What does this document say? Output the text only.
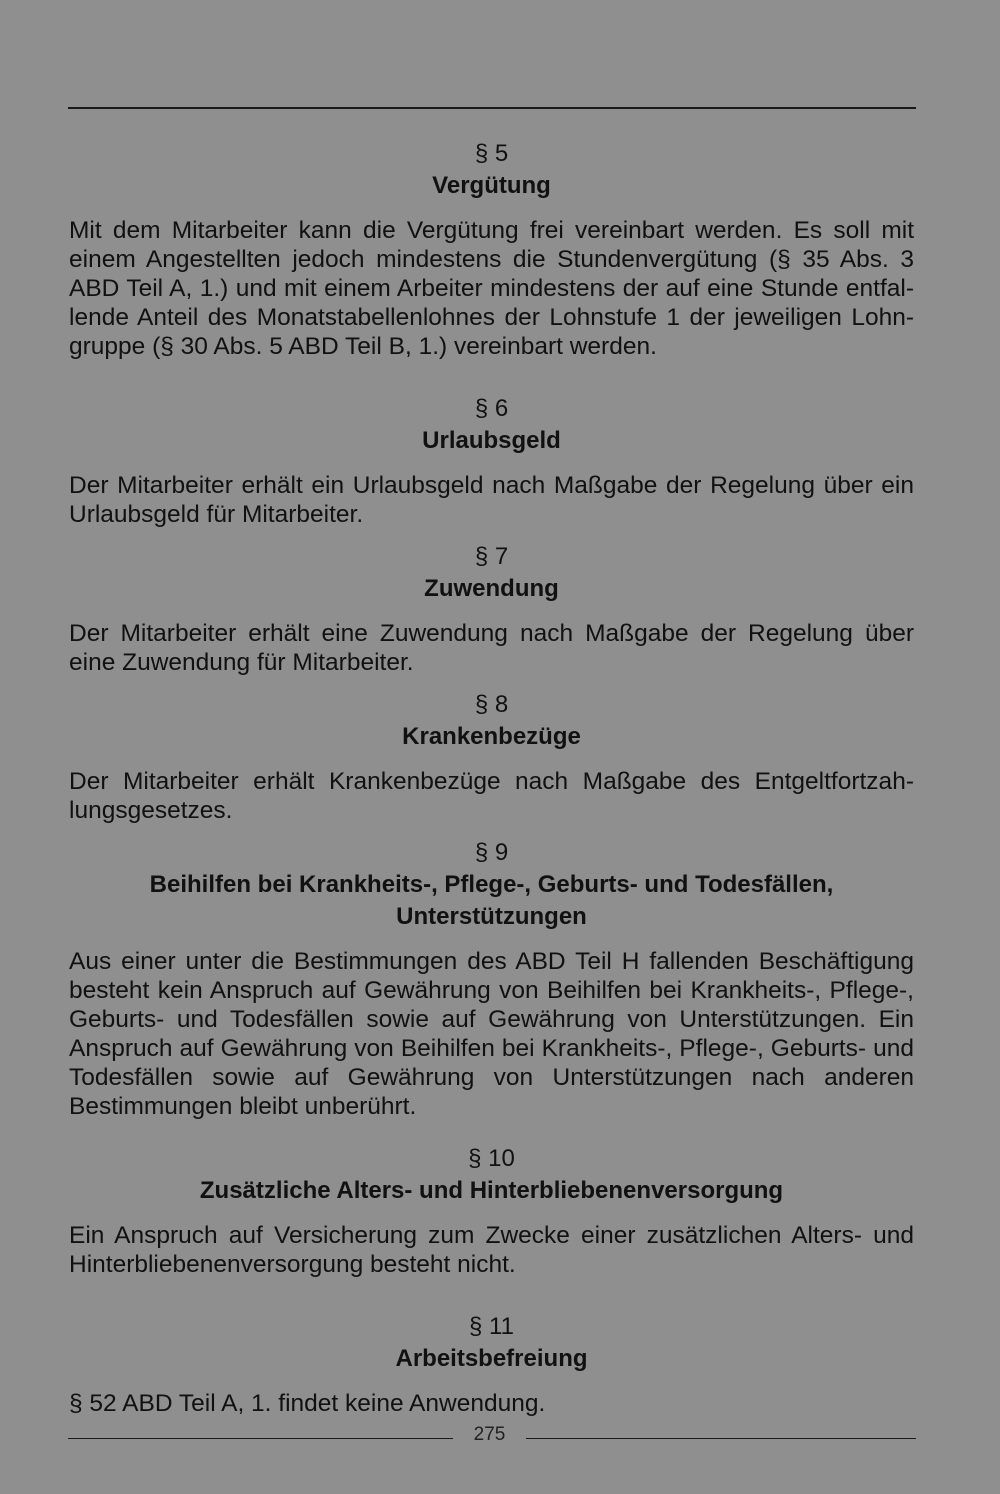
§ 5
Vergütung

Mit dem Mitarbeiter kann die Vergütung frei vereinbart werden. Es soll mit einem Angestellten jedoch mindestens die Stundenvergütung (§ 35 Abs. 3 ABD Teil A, 1.) und mit einem Arbeiter mindestens der auf eine Stunde entfallende Anteil des Monatstabellenlohnes der Lohnstufe 1 der jeweiligen Lohngruppe (§ 30 Abs. 5 ABD Teil B, 1.) vereinbart werden.

§ 6
Urlaubsgeld

Der Mitarbeiter erhält ein Urlaubsgeld nach Maßgabe der Regelung über ein Urlaubsgeld für Mitarbeiter.

§ 7
Zuwendung

Der Mitarbeiter erhält eine Zuwendung nach Maßgabe der Regelung über eine Zuwendung für Mitarbeiter.

§ 8
Krankenbezüge

Der Mitarbeiter erhält Krankenbezüge nach Maßgabe des Entgeltfortzahlungsgesetzes.

§ 9
Beihilfen bei Krankheits-, Pflege-, Geburts- und Todesfällen, Unterstützungen

Aus einer unter die Bestimmungen des ABD Teil H fallenden Beschäftigung besteht kein Anspruch auf Gewährung von Beihilfen bei Krankheits-, Pflege-, Geburts- und Todesfällen sowie auf Gewährung von Unterstützungen. Ein Anspruch auf Gewährung von Beihilfen bei Krankheits-, Pflege-, Geburts- und Todesfällen sowie auf Gewährung von Unterstützungen nach anderen Bestimmungen bleibt unberührt.

§ 10
Zusätzliche Alters- und Hinterbliebenenversorgung

Ein Anspruch auf Versicherung zum Zwecke einer zusätzlichen Alters- und Hinterbliebenenversorgung besteht nicht.

§ 11
Arbeitsbefreiung

§ 52 ABD Teil A, 1. findet keine Anwendung.

275
